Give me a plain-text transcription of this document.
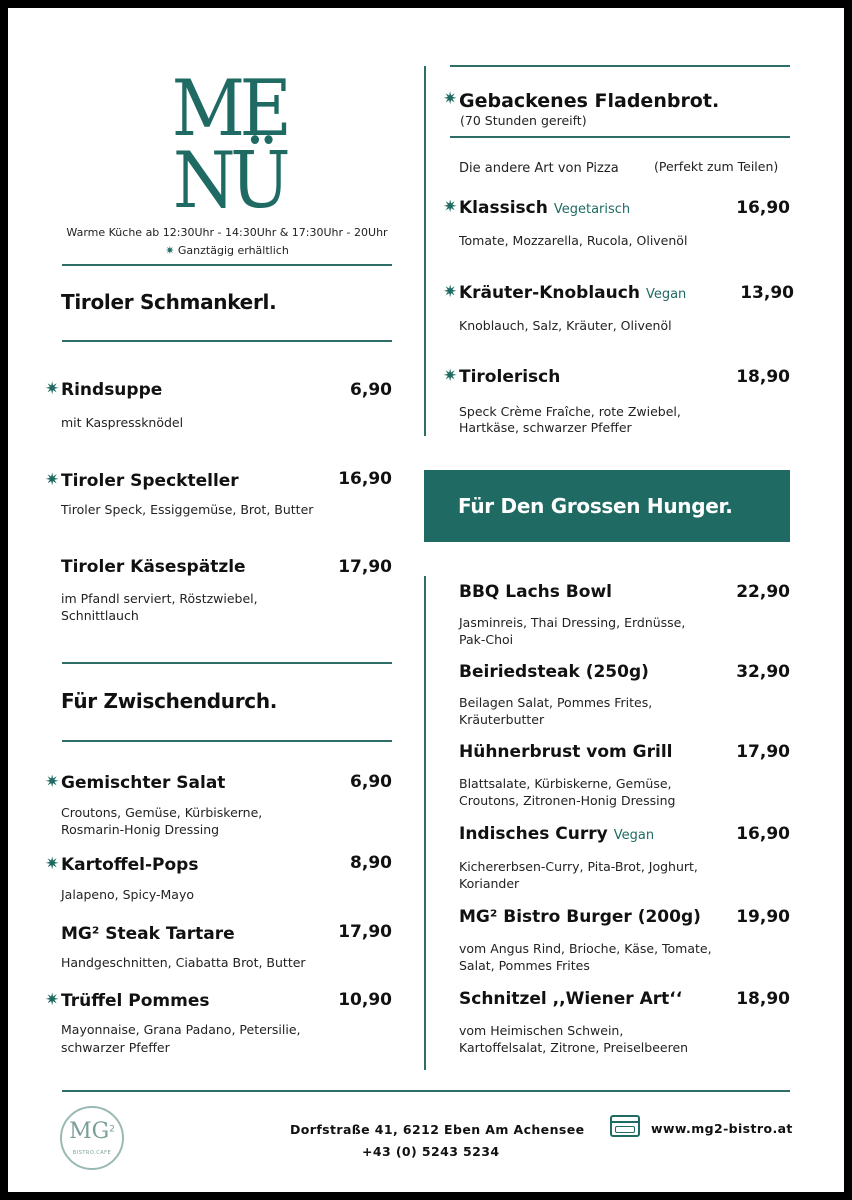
ME
NÜ
Warme Küche ab 12:30Uhr - 14:30Uhr & 17:30Uhr - 20Uhr
✷ Ganztägig erhältlich
Tiroler Schmankerl.
✷ Rindsuppe	6,90
mit Kaspressknödel
✷ Tiroler Speckteller	16,90
Tiroler Speck, Essiggemüse, Brot, Butter
Tiroler Käsespätzle	17,90
im Pfandl serviert, Röstzwiebel,
Schnittlauch
Für Zwischendurch.
✷ Gemischter Salat	6,90
Croutons, Gemüse, Kürbiskerne,
Rosmarin-Honig Dressing
✷ Kartoffel-Pops	8,90
Jalapeno, Spicy-Mayo
MG² Steak Tartare	17,90
Handgeschnitten, Ciabatta Brot, Butter
✷ Trüffel Pommes	10,90
Mayonnaise, Grana Padano, Petersilie,
schwarzer Pfeffer
✷ Gebackenes Fladenbrot.
(70 Stunden gereift)
Die andere Art von Pizza	(Perfekt zum Teilen)
✷ Klassisch Vegetarisch	16,90
Tomate, Mozzarella, Rucola, Olivenöl
✷ Kräuter-Knoblauch Vegan	13,90
Knoblauch, Salz, Kräuter, Olivenöl
✷ Tirolerisch	18,90
Speck Crème Fraîche, rote Zwiebel,
Hartkäse, schwarzer Pfeffer
Für Den Grossen Hunger.
BBQ Lachs Bowl	22,90
Jasminreis, Thai Dressing, Erdnüsse,
Pak-Choi
Beiriedsteak (250g)	32,90
Beilagen Salat, Pommes Frites,
Kräuterbutter
Hühnerbrust vom Grill	17,90
Blattsalate, Kürbiskerne, Gemüse,
Croutons, Zitronen-Honig Dressing
Indisches Curry Vegan	16,90
Kichererbsen-Curry, Pita-Brot, Joghurt,
Koriander
MG² Bistro Burger (200g)	19,90
vom Angus Rind, Brioche, Käse, Tomate,
Salat, Pommes Frites
Schnitzel ,,Wiener Art‘‘	18,90
vom Heimischen Schwein,
Kartoffelsalat, Zitrone, Preiselbeeren
$MG^2$
BISTRO.CAFE
Dorfstraße 41, 6212 Eben Am Achensee
+43 (0) 5243 5234
www.mg2-bistro.at
